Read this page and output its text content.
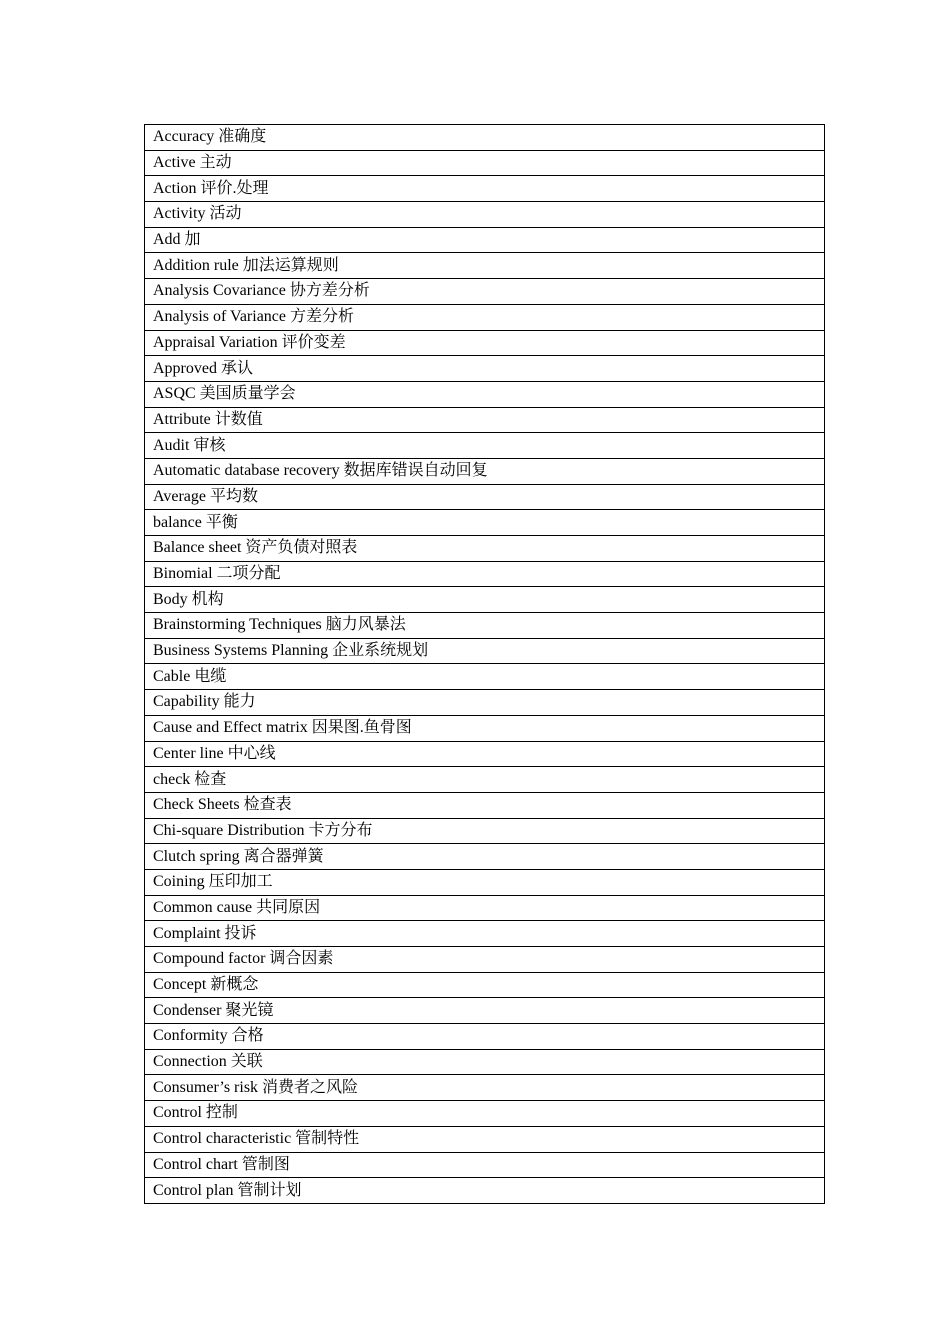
Accuracy 准确度
Active 主动
Action 评价.处理
Activity 活动
Add 加
Addition rule 加法运算规则
Analysis Covariance 协方差分析
Analysis of Variance 方差分析
Appraisal Variation 评价变差
Approved 承认
ASQC 美国质量学会
Attribute 计数值
Audit 审核
Automatic database recovery 数据库错误自动回复
Average 平均数
balance 平衡
Balance sheet 资产负债对照表
Binomial 二项分配
Body 机构
Brainstorming Techniques 脑力风暴法
Business Systems Planning 企业系统规划
Cable 电缆
Capability 能力
Cause and Effect matrix 因果图.鱼骨图
Center line 中心线
check 检查
Check Sheets 检查表
Chi-square Distribution 卡方分布
Clutch spring 离合器弹簧
Coining 压印加工
Common cause 共同原因
Complaint 投诉
Compound factor 调合因素
Concept 新概念
Condenser 聚光镜
Conformity 合格
Connection 关联
Consumer’s risk 消费者之风险
Control 控制
Control characteristic 管制特性
Control chart 管制图
Control plan 管制计划
